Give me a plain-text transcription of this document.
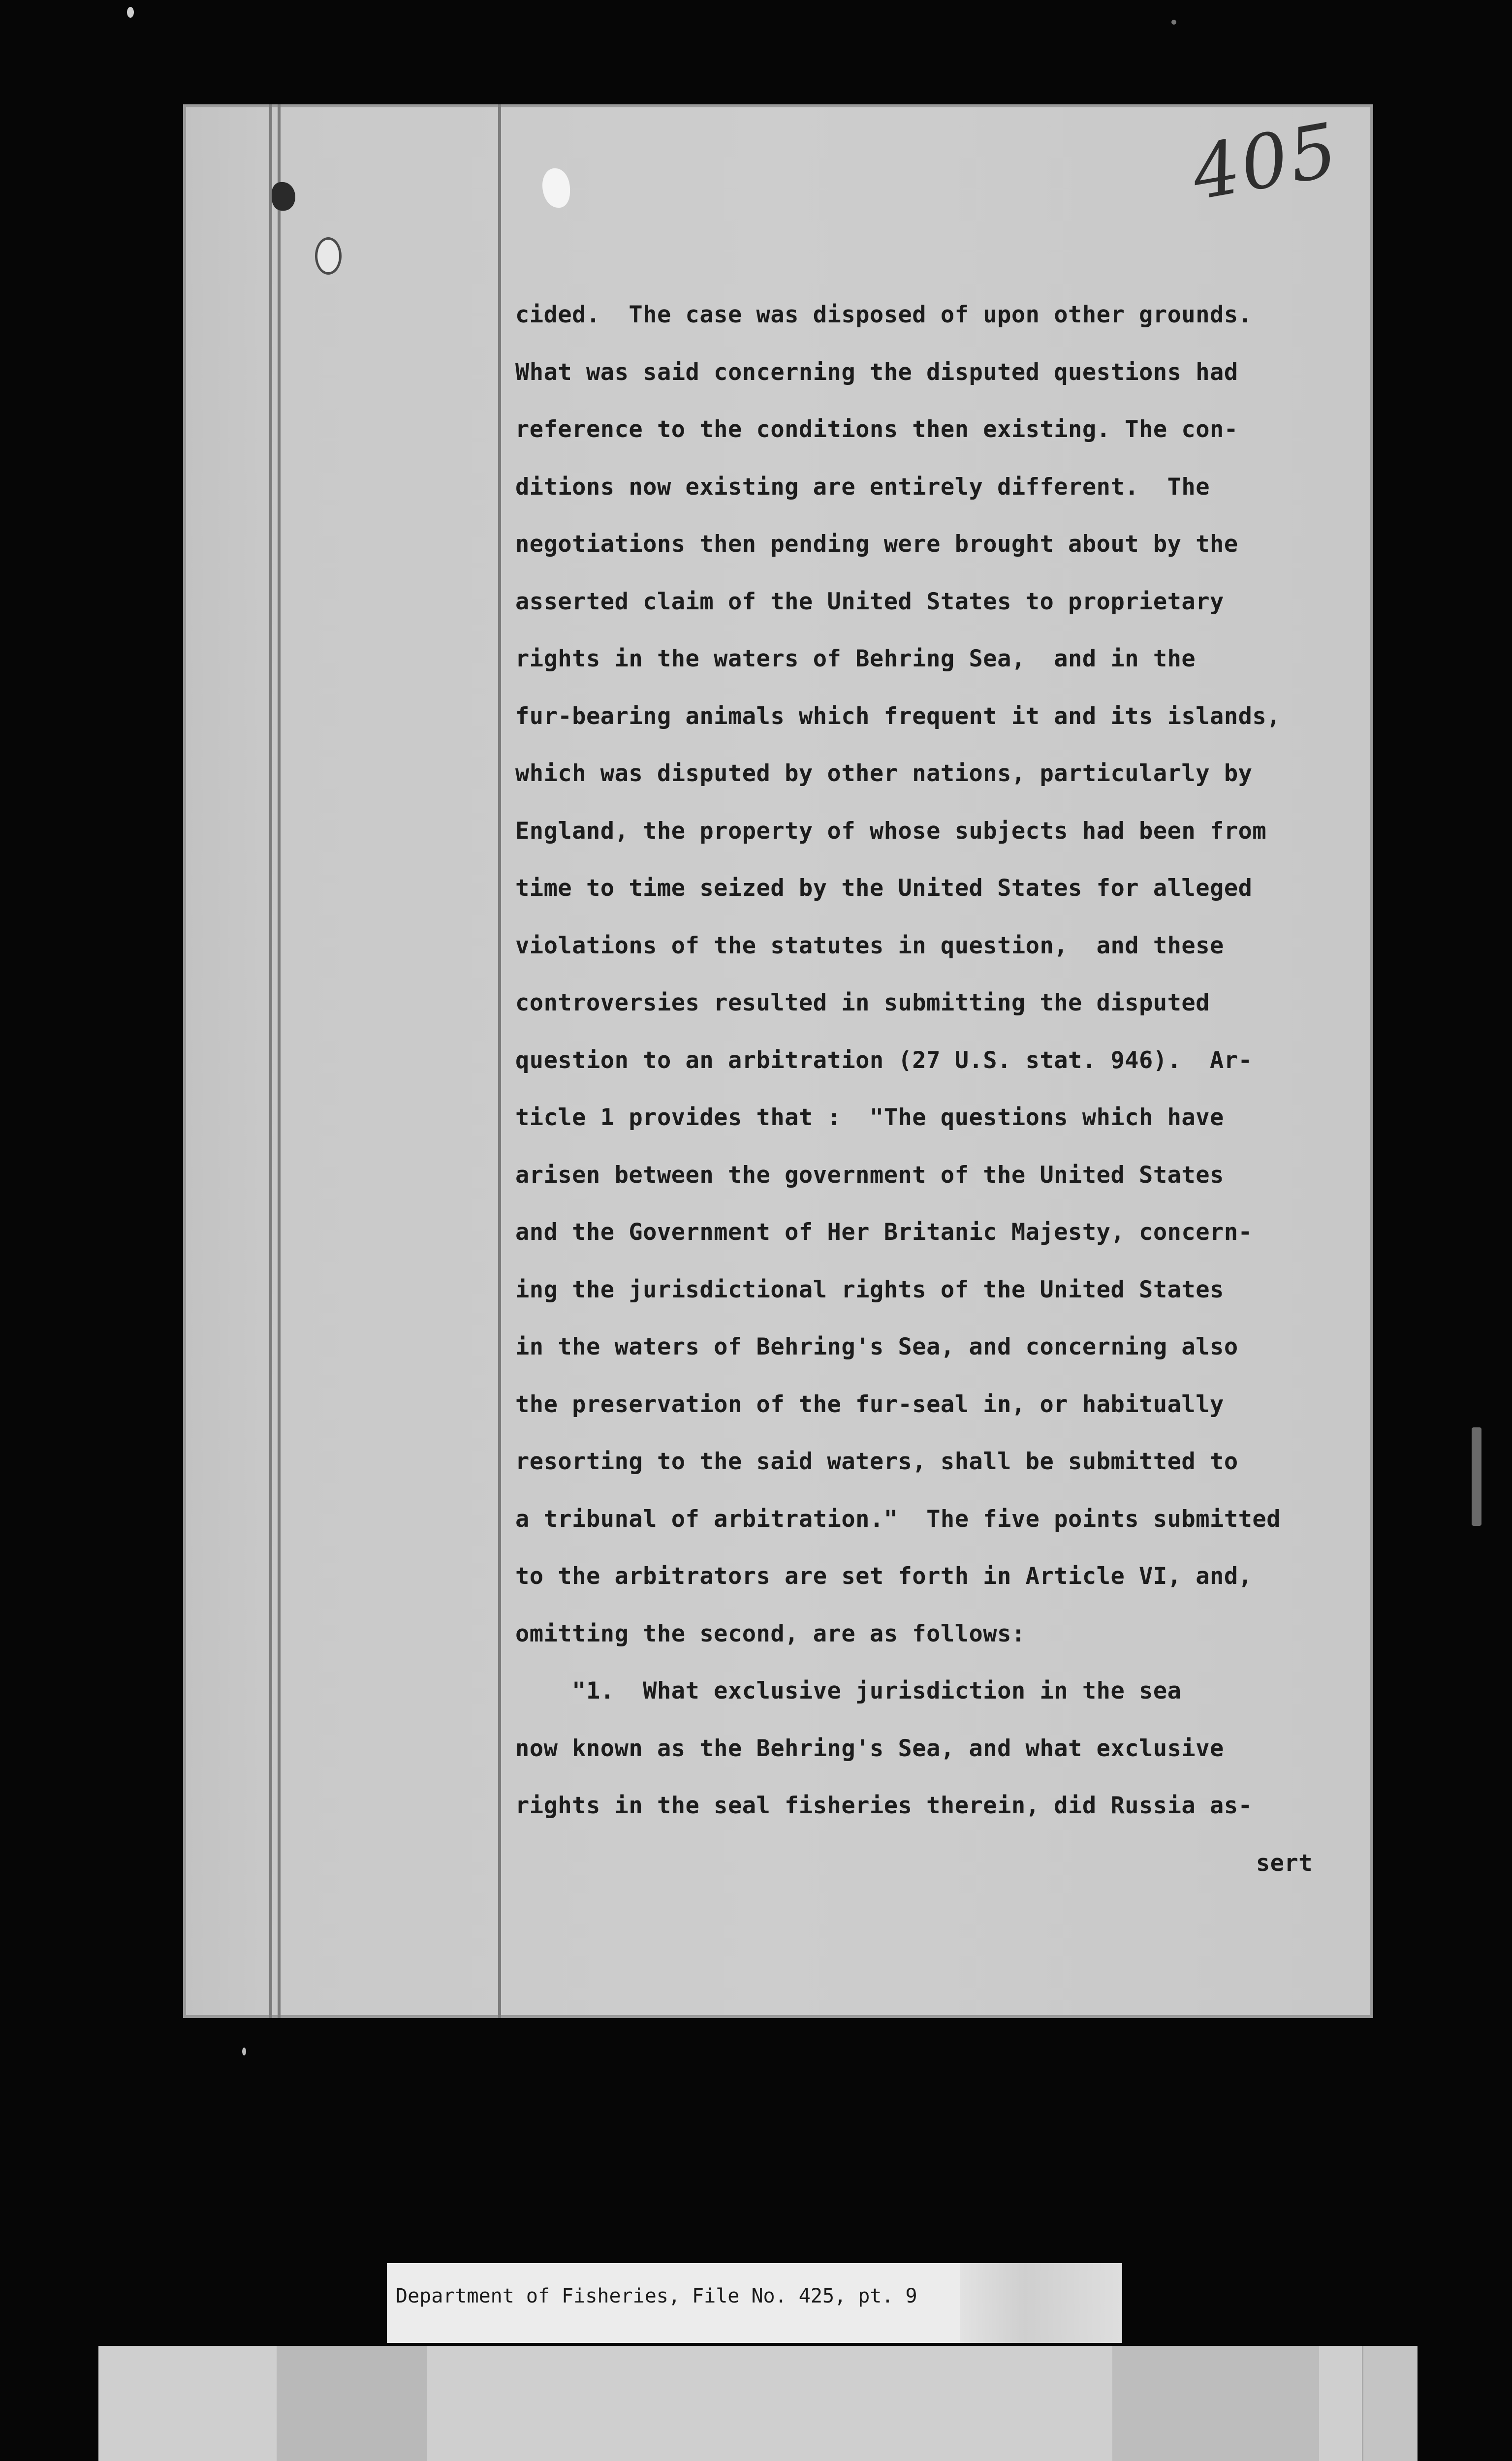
405
cided.  The case was disposed of upon other grounds.
What was said concerning the disputed questions had
reference to the conditions then existing. The con-
ditions now existing are entirely different.  The
negotiations then pending were brought about by the
asserted claim of the United States to proprietary
rights in the waters of Behring Sea,  and in the
fur-bearing animals which frequent it and its islands,
which was disputed by other nations, particularly by
England, the property of whose subjects had been from
time to time seized by the United States for alleged
violations of the statutes in question,  and these
controversies resulted in submitting the disputed
question to an arbitration (27 U.S. stat. 946).  Ar-
ticle 1 provides that :  "The questions which have
arisen between the government of the United States
and the Government of Her Britanic Majesty, concern-
ing the jurisdictional rights of the United States
in the waters of Behring's Sea, and concerning also
the preservation of the fur-seal in, or habitually
resorting to the said waters, shall be submitted to
a tribunal of arbitration."  The five points submitted
to the arbitrators are set forth in Article VI, and,
omitting the second, are as follows:
"1.  What exclusive jurisdiction in the sea
now known as the Behring's Sea, and what exclusive
rights in the seal fisheries therein, did Russia as-
sert
Department of Fisheries, File No. 425, pt. 9
